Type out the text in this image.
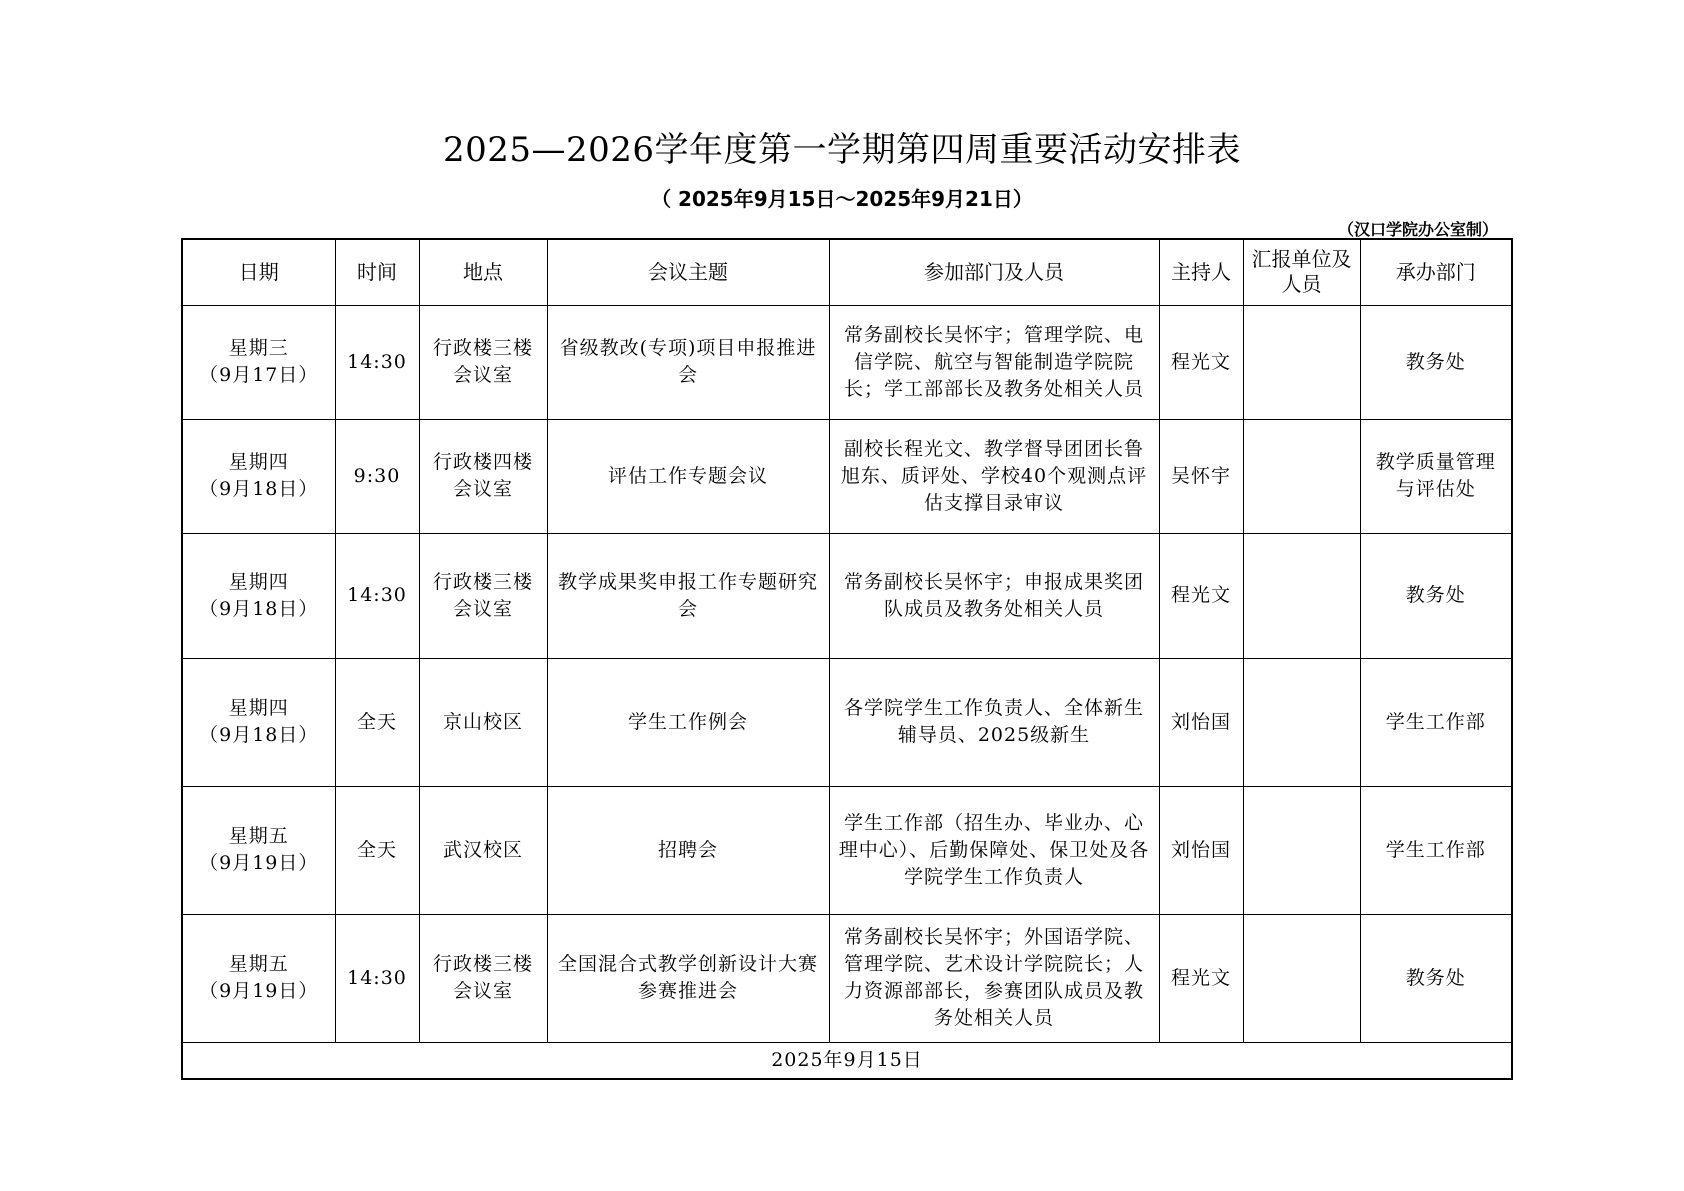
2025—2026学年度第一学期第四周重要活动安排表
（ 2025年9月15日～2025年9月21日）
（汉口学院办公室制）
日期	时间	地点	会议主题	参加部门及人员	主持人	汇报单位及人员	承办部门

星期三
（9月17日）	14:30	行政楼三楼会议室	省级教改(专项)项目申报推进会	常务副校长吴怀宇；管理学院、电信学院、航空与智能制造学院院长；学工部部长及教务处相关人员	程光文		教务处

星期四
（9月18日）	9:30	行政楼四楼会议室	评估工作专题会议	副校长程光文、教学督导团团长鲁旭东、质评处、学校40个观测点评估支撑目录审议	吴怀宇		教学质量管理与评估处

星期四
（9月18日）	14:30	行政楼三楼会议室	教学成果奖申报工作专题研究会	常务副校长吴怀宇；申报成果奖团队成员及教务处相关人员	程光文		教务处

星期四
（9月18日）	全天	京山校区	学生工作例会	各学院学生工作负责人、全体新生辅导员、2025级新生	刘怡国		学生工作部

星期五
（9月19日）	全天	武汉校区	招聘会	学生工作部（招生办、毕业办、心理中心）、后勤保障处、保卫处及各学院学生工作负责人	刘怡国		学生工作部

星期五
（9月19日）	14:30	行政楼三楼会议室	全国混合式教学创新设计大赛参赛推进会	常务副校长吴怀宇；外国语学院、管理学院、艺术设计学院院长；人力资源部部长，参赛团队成员及教务处相关人员	程光文		教务处
2025年9月15日							
